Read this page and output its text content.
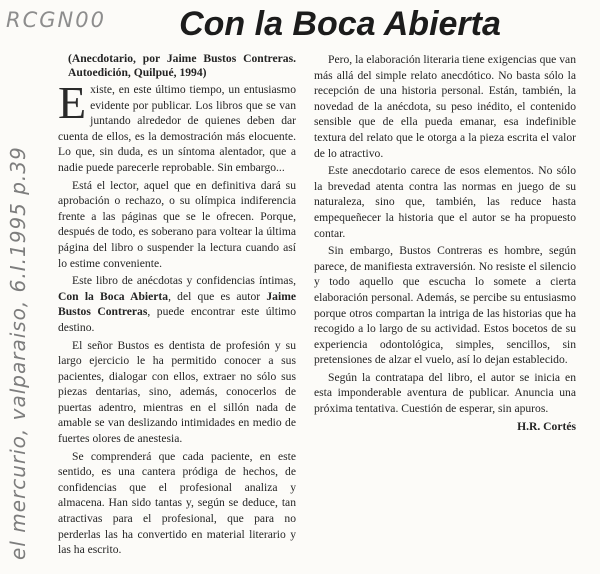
RCGN00
el mercurio, valparaiso, 6.I.1995 p.39
Con la Boca Abierta

(Anecdotario, por Jaime Bustos Contreras. Autoedición, Quilpué, 1994)

Existe, en este último tiempo, un entusiasmo evidente por publicar. Los libros que se van juntando alrededor de quienes deben dar cuenta de ellos, es la demostración más elocuente. Lo que, sin duda, es un síntoma alentador, que a nadie puede parecerle reprobable. Sin embargo...

Está el lector, aquel que en definitiva dará su aprobación o rechazo, o su olímpica indiferencia frente a las páginas que se le ofrecen. Porque, después de todo, es soberano para voltear la última página del libro o suspender la lectura cuando así lo estime conveniente.

Este libro de anécdotas y confidencias íntimas, Con la Boca Abierta, del que es autor Jaime Bustos Contreras, puede encontrar este último destino.

El señor Bustos es dentista de profesión y su largo ejercicio le ha permitido conocer a sus pacientes, dialogar con ellos, extraer no sólo sus piezas dentarias, sino, además, conocerlos de puertas adentro, mientras en el sillón nada de amable se van deslizando intimidades en medio de fuertes olores de anestesia.

Se comprenderá que cada paciente, en este sentido, es una cantera pródiga de hechos, de confidencias que el profesional analiza y almacena. Han sido tantas y, según se deduce, tan atractivas para el profesional, que para no perderlas las ha convertido en material literario y las ha escrito.

Pero, la elaboración literaria tiene exigencias que van más allá del simple relato anecdótico. No basta sólo la recepción de una historia personal. Están, también, la novedad de la anécdota, su peso inédito, el contenido sensible que de ella pueda emanar, esa indefinible textura del relato que le otorga a la pieza escrita el valor de lo atractivo.

Este anecdotario carece de esos elementos. No sólo la brevedad atenta contra las normas en juego de su naturaleza, sino que, también, las reduce hasta empequeñecer la historia que el autor se ha propuesto contar.

Sin embargo, Bustos Contreras es hombre, según parece, de manifiesta extraversión. No resiste el silencio y todo aquello que escucha lo somete a cierta elaboración personal. Además, se percibe su entusiasmo porque otros compartan la intriga de las historias que ha recogido a lo largo de su actividad. Estos bocetos de su experiencia odontológica, simples, sencillos, sin pretensiones de alzar el vuelo, así lo dejan establecido.

Según la contratapa del libro, el autor se inicia en esta imponderable aventura de publicar. Anuncia una próxima tentativa. Cuestión de esperar, sin apuros.

H.R. Cortés
